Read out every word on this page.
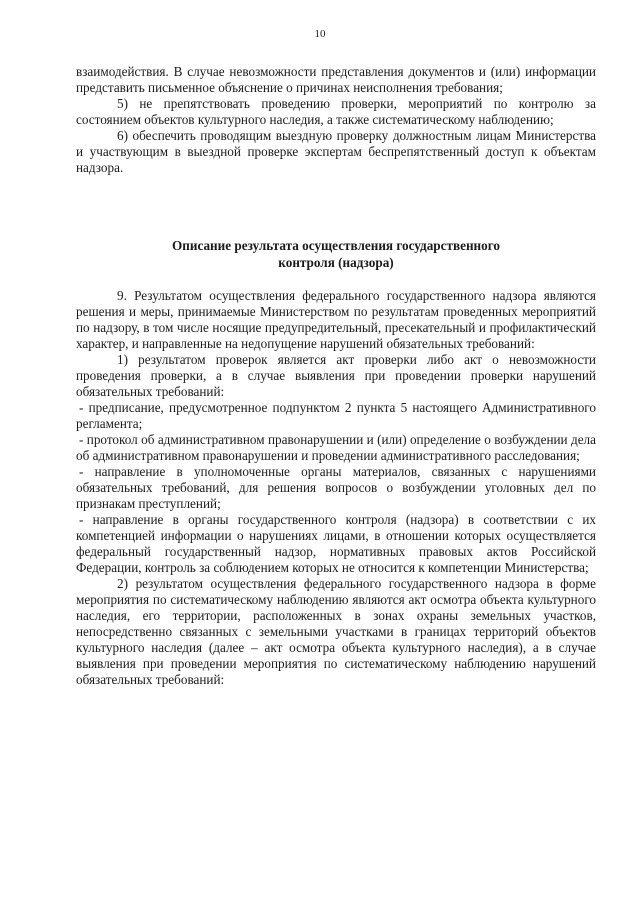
10

взаимодействия. В случае невозможности представления документов и (или) информации представить письменное объяснение о причинах неисполнения требования;

5) не препятствовать проведению проверки, мероприятий по контролю за состоянием объектов культурного наследия, а также систематическому наблюдению;

6) обеспечить проводящим выездную проверку должностным лицам Министерства и участвующим в выездной проверке экспертам беспрепятственный доступ к объектам надзора.

Описание результата осуществления государственного
контроля (надзора)

9. Результатом осуществления федерального государственного надзора являются решения и меры, принимаемые Министерством по результатам проведенных мероприятий по надзору, в том числе носящие предупредительный, пресекательный и профилактический характер, и направленные на недопущение нарушений обязательных требований:

1) результатом проверок является акт проверки либо акт о невозможности проведения проверки, а в случае выявления при проведении проверки нарушений обязательных требований:

- предписание, предусмотренное подпунктом 2 пункта 5 настоящего Административного регламента;

- протокол об административном правонарушении и (или) определение о возбуждении дела об административном правонарушении и проведении административного расследования;

- направление в уполномоченные органы материалов, связанных с нарушениями обязательных требований, для решения вопросов о возбуждении уголовных дел по признакам преступлений;

- направление в органы государственного контроля (надзора) в соответствии с их компетенцией информации о нарушениях лицами, в отношении которых осуществляется федеральный государственный надзор, нормативных правовых актов Российской Федерации, контроль за соблюдением которых не относится к компетенции Министерства;

2) результатом осуществления федерального государственного надзора в форме мероприятия по систематическому наблюдению являются акт осмотра объекта культурного наследия, его территории, расположенных в зонах охраны земельных участков, непосредственно связанных с земельными участками в границах территорий объектов культурного наследия (далее – акт осмотра объекта культурного наследия), а в случае выявления при проведении мероприятия по систематическому наблюдению нарушений обязательных требований:
